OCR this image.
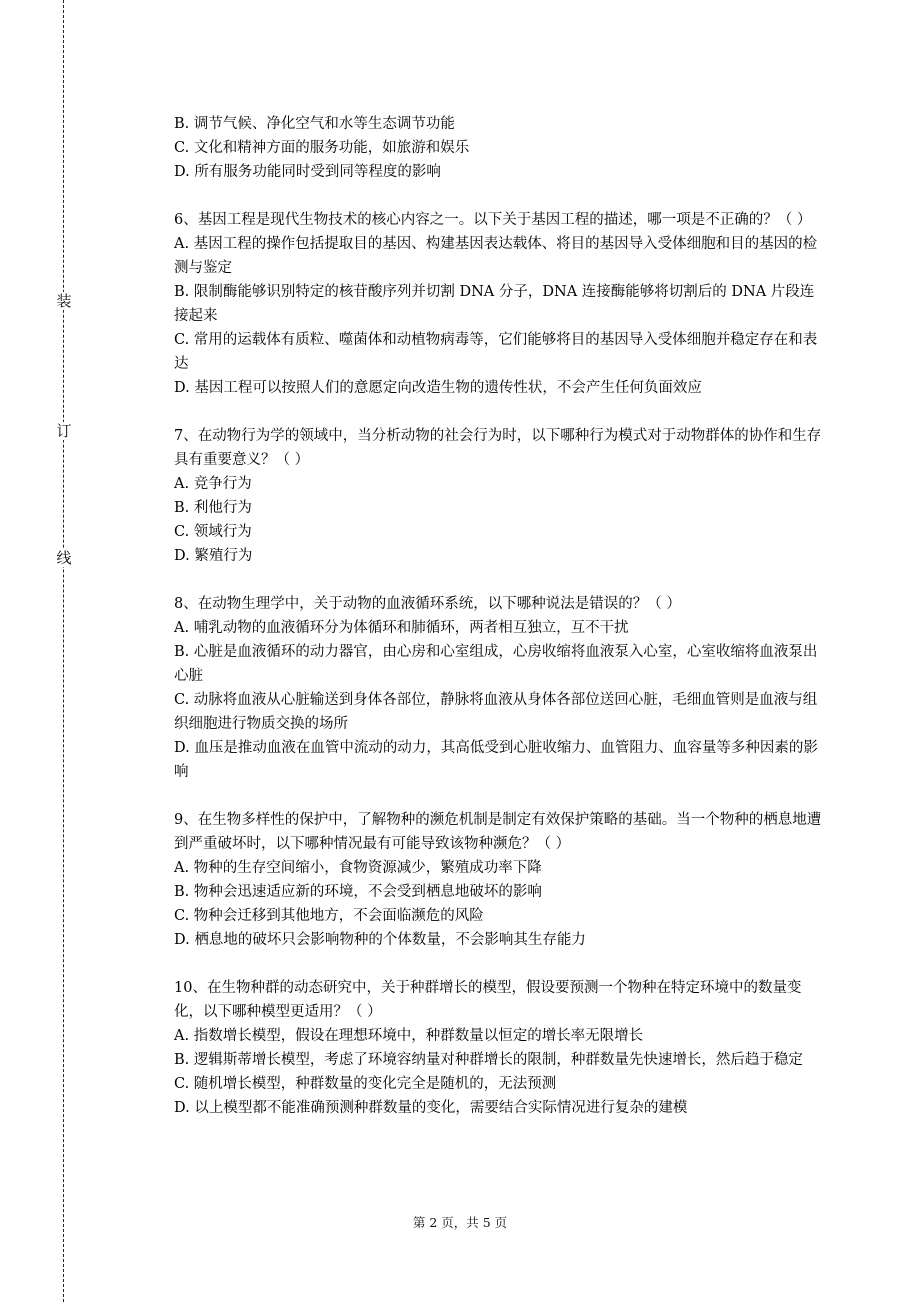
装
订
线

B. 调节气候、净化空气和水等生态调节功能

C. 文化和精神方面的服务功能，如旅游和娱乐

D. 所有服务功能同时受到同等程度的影响

6、基因工程是现代生物技术的核心内容之一。以下关于基因工程的描述，哪一项是不正确的？（ ）

A. 基因工程的操作包括提取目的基因、构建基因表达载体、将目的基因导入受体细胞和目的基因的检测与鉴定

B. 限制酶能够识别特定的核苷酸序列并切割 DNA 分子，DNA 连接酶能够将切割后的 DNA 片段连接起来

C. 常用的运载体有质粒、噬菌体和动植物病毒等，它们能够将目的基因导入受体细胞并稳定存在和表达

D. 基因工程可以按照人们的意愿定向改造生物的遗传性状，不会产生任何负面效应

7、在动物行为学的领域中，当分析动物的社会行为时，以下哪种行为模式对于动物群体的协作和生存具有重要意义？（ ）

A. 竞争行为

B. 利他行为

C. 领域行为

D. 繁殖行为

8、在动物生理学中，关于动物的血液循环系统，以下哪种说法是错误的？（ ）

A. 哺乳动物的血液循环分为体循环和肺循环，两者相互独立，互不干扰

B. 心脏是血液循环的动力器官，由心房和心室组成，心房收缩将血液泵入心室，心室收缩将血液泵出心脏

C. 动脉将血液从心脏输送到身体各部位，静脉将血液从身体各部位送回心脏，毛细血管则是血液与组织细胞进行物质交换的场所

D. 血压是推动血液在血管中流动的动力，其高低受到心脏收缩力、血管阻力、血容量等多种因素的影响

9、在生物多样性的保护中，了解物种的濒危机制是制定有效保护策略的基础。当一个物种的栖息地遭到严重破坏时，以下哪种情况最有可能导致该物种濒危？（ ）

A. 物种的生存空间缩小，食物资源减少，繁殖成功率下降

B. 物种会迅速适应新的环境，不会受到栖息地破坏的影响

C. 物种会迁移到其他地方，不会面临濒危的风险

D. 栖息地的破坏只会影响物种的个体数量，不会影响其生存能力

10、在生物种群的动态研究中，关于种群增长的模型，假设要预测一个物种在特定环境中的数量变化，以下哪种模型更适用？（ ）

A. 指数增长模型，假设在理想环境中，种群数量以恒定的增长率无限增长

B. 逻辑斯蒂增长模型，考虑了环境容纳量对种群增长的限制，种群数量先快速增长，然后趋于稳定

C. 随机增长模型，种群数量的变化完全是随机的，无法预测

D. 以上模型都不能准确预测种群数量的变化，需要结合实际情况进行复杂的建模

第 2 页，共 5 页
